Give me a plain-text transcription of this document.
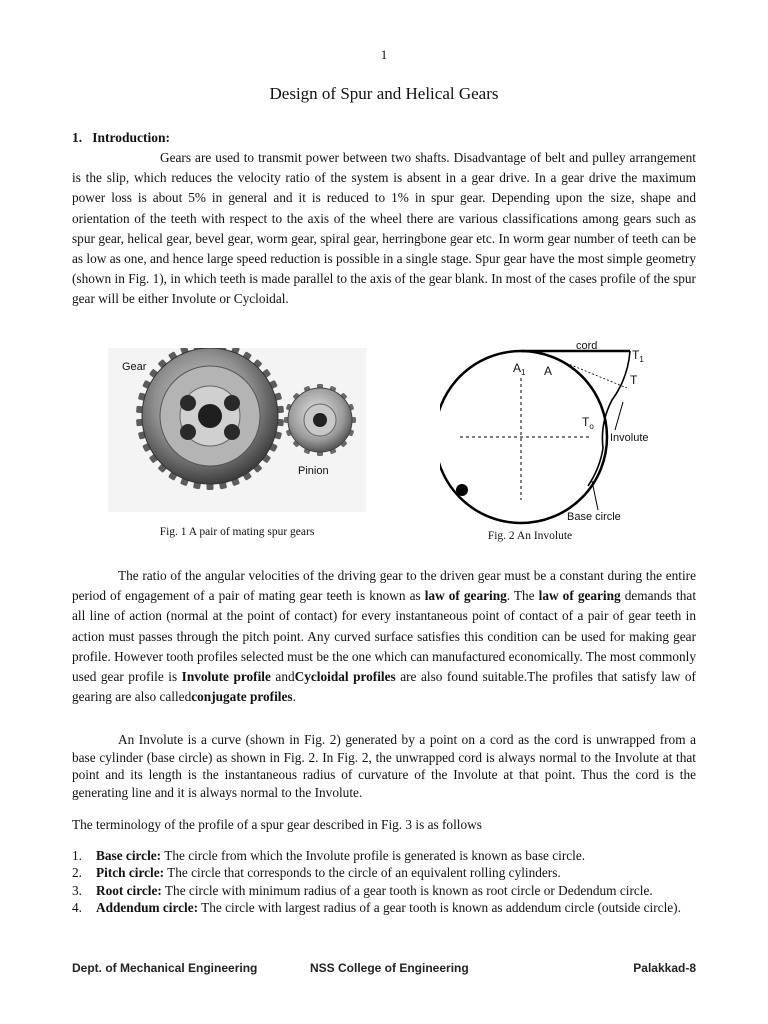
1
Design of Spur and Helical Gears
1. Introduction:

Gears are used to transmit power between two shafts. Disadvantage of belt and pulley arrangement is the slip, which reduces the velocity ratio of the system is absent in a gear drive. In a gear drive the maximum power loss is about 5% in general and it is reduced to 1% in spur gear. Depending upon the size, shape and orientation of the teeth with respect to the axis of the wheel there are various classifications among gears such as spur gear, helical gear, bevel gear, worm gear, spiral gear, herringbone gear etc. In worm gear number of teeth can be as low as one, and hence large speed reduction is possible in a single stage. Spur gear have the most simple geometry (shown in Fig. 1), in which teeth is made parallel to the axis of the gear blank. In most of the cases profile of the spur gear will be either Involute or Cycloidal.

Gear
Pinion
Fig. 1 A pair of mating spur gears
cord
$T_1$
T
$A_1$ A
$T_o$
Involute
Base circle
Fig. 2 An Involute

The ratio of the angular velocities of the driving gear to the driven gear must be a constant during the entire period of engagement of a pair of mating gear teeth is known as law of gearing. The law of gearing demands that all line of action (normal at the point of contact) for every instantaneous point of contact of a pair of gear teeth in action must passes through the pitch point. Any curved surface satisfies this condition can be used for making gear profile. However tooth profiles selected must be the one which can manufactured economically. The most commonly used gear profile is Involute profile andCycloidal profiles are also found suitable.The profiles that satisfy law of gearing are also calledconjugate profiles.

An Involute is a curve (shown in Fig. 2) generated by a point on a cord as the cord is unwrapped from a base cylinder (base circle) as shown in Fig. 2. In Fig. 2, the unwrapped cord is always normal to the Involute at that point and its length is the instantaneous radius of curvature of the Involute at that point. Thus the cord is the generating line and it is always normal to the Involute.

The terminology of the profile of a spur gear described in Fig. 3 is as follows

1. Base circle: The circle from which the Involute profile is generated is known as base circle.
2. Pitch circle: The circle that corresponds to the circle of an equivalent rolling cylinders.
3. Root circle: The circle with minimum radius of a gear tooth is known as root circle or Dedendum circle.
4. Addendum circle: The circle with largest radius of a gear tooth is known as addendum circle (outside circle).
Dept. of Mechanical Engineering	NSS College of Engineering	Palakkad-8
